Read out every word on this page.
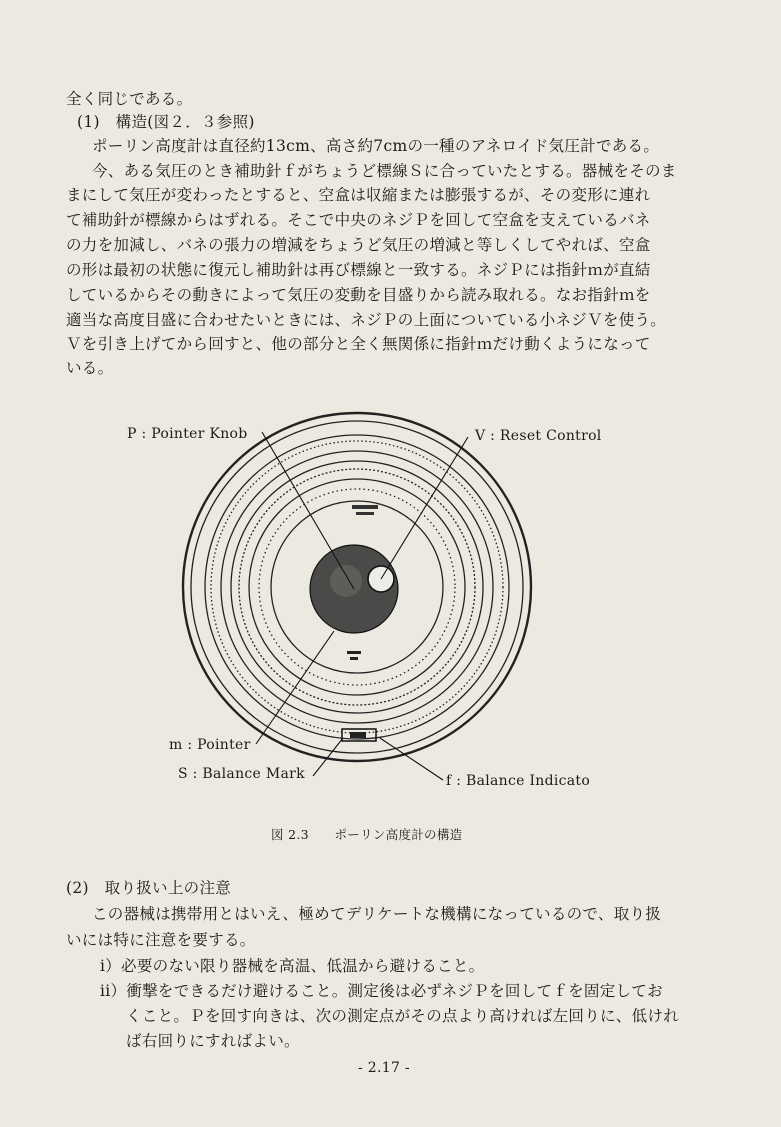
全く同じである。
(1)　構造(図２．３参照)
ポーリン高度計は直径約13cm、高さ約7cmの一種のアネロイド気圧計である。
今、ある気圧のとき補助針ｆがちょうど標線Ｓに合っていたとする。器械をそのま
まにして気圧が変わったとすると、空盒は収縮または膨張するが、その変形に連れ
て補助針が標線からはずれる。そこで中央のネジＰを回して空盒を支えているバネ
の力を加減し、バネの張力の増減をちょうど気圧の増減と等しくしてやれば、空盒
の形は最初の状態に復元し補助針は再び標線と一致する。ネジＰには指針ｍが直結
しているからその動きによって気圧の変動を目盛りから読み取れる。なお指針ｍを
適当な高度目盛に合わせたいときには、ネジＰの上面についている小ネジＶを使う。
Ｖを引き上げてから回すと、他の部分と全く無関係に指針ｍだけ動くようになって
いる。
P : Pointer Knob	V : Reset Control
m : Pointer
S : Balance Mark	f : Balance Indicato
図 2.3　　ポーリン高度計の構造
(2)　取り扱い上の注意
この器械は携帯用とはいえ、極めてデリケートな機構になっているので、取り扱
いには特に注意を要する。
i）必要のない限り器械を高温、低温から避けること。
ii）衝撃をできるだけ避けること。測定後は必ずネジＰを回してｆを固定してお
くこと。Ｐを回す向きは、次の測定点がその点より高ければ左回りに、低けれ
ば右回りにすればよい。
- 2.17 -
